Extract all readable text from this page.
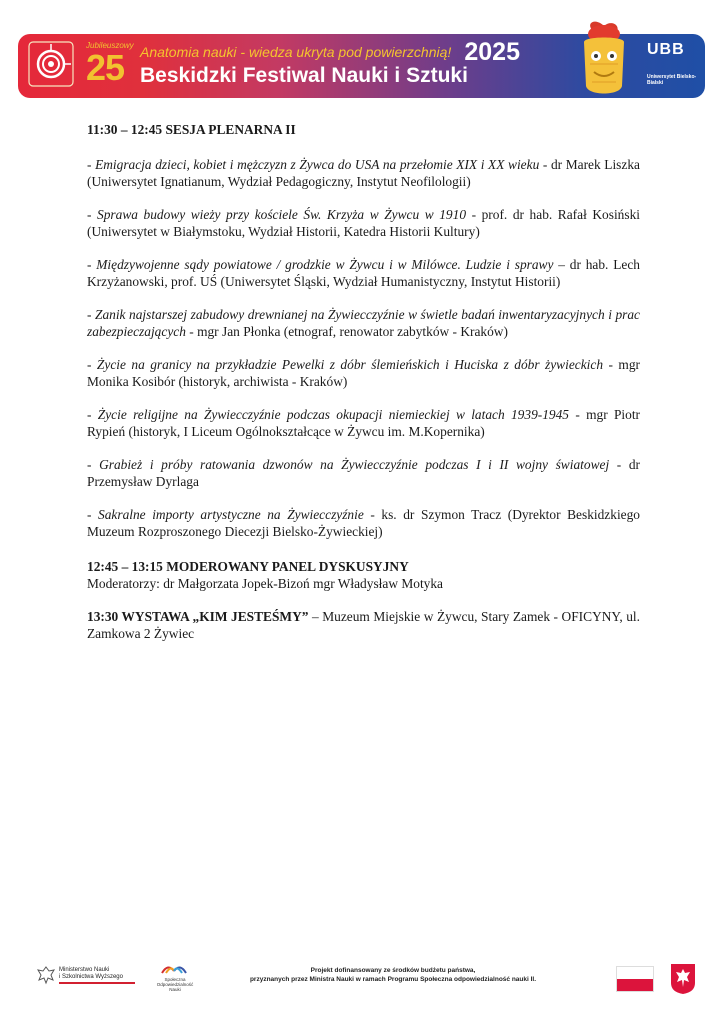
Jubileuszowy
25 Anatomia nauki - wiedza ukryta pod powierzchnią! 2025
Beskidzki Festiwal Nauki i Sztuki
UBB
Uniwersytet Bielsko-Bialski

11:30 – 12:45 SESJA PLENARNA II

- Emigracja dzieci, kobiet i mężczyzn z Żywca do USA na przełomie XIX i XX wieku - dr Marek Liszka (Uniwersytet Ignatianum, Wydział Pedagogiczny, Instytut Neofilologii)

- Sprawa budowy wieży przy kościele Św. Krzyża w Żywcu w 1910 - prof. dr hab. Rafał Kosiński (Uniwersytet w Białymstoku, Wydział Historii, Katedra Historii Kultury)

- Międzywojenne sądy powiatowe / grodzkie w Żywcu i w Milówce. Ludzie i sprawy – dr hab. Lech Krzyżanowski, prof. UŚ (Uniwersytet Śląski, Wydział Humanistyczny, Instytut Historii)

- Zanik najstarszej zabudowy drewnianej na Żywiecczyźnie w świetle badań inwentaryzacyjnych i prac zabezpieczających - mgr Jan Płonka (etnograf, renowator zabytków - Kraków)

- Życie na granicy na przykładzie Pewelki z dóbr ślemieńskich i Huciska z dóbr żywieckich - mgr Monika Kosibór (historyk, archiwista - Kraków)

- Życie religijne na Żywiecczyźnie podczas okupacji niemieckiej w latach 1939-1945 - mgr Piotr Rypień (historyk, I Liceum Ogólnokształcące w Żywcu im. M.Kopernika)

- Grabież i próby ratowania dzwonów na Żywiecczyźnie podczas I i II wojny światowej - dr Przemysław Dyrlaga

- Sakralne importy artystyczne na Żywiecczyźnie - ks. dr Szymon Tracz (Dyrektor Beskidzkiego Muzeum Rozproszonego Diecezji Bielsko-Żywieckiej)

12:45 – 13:15 MODEROWANY PANEL DYSKUSYJNY

Moderatorzy: dr Małgorzata Jopek-Bizoń mgr Władysław Motyka

13:30 WYSTAWA „KIM JESTEŚMY” – Muzeum Miejskie w Żywcu, Stary Zamek - OFICYNY, ul. Zamkowa 2 Żywiec

Ministerstwo Nauki
i Szkolnictwa Wyższego	Społeczna
Odpowiedzialność
Nauki
Projekt dofinansowany ze środków budżetu państwa,
przyznanych przez Ministra Nauki w ramach Programu Społeczna odpowiedzialność nauki II.
